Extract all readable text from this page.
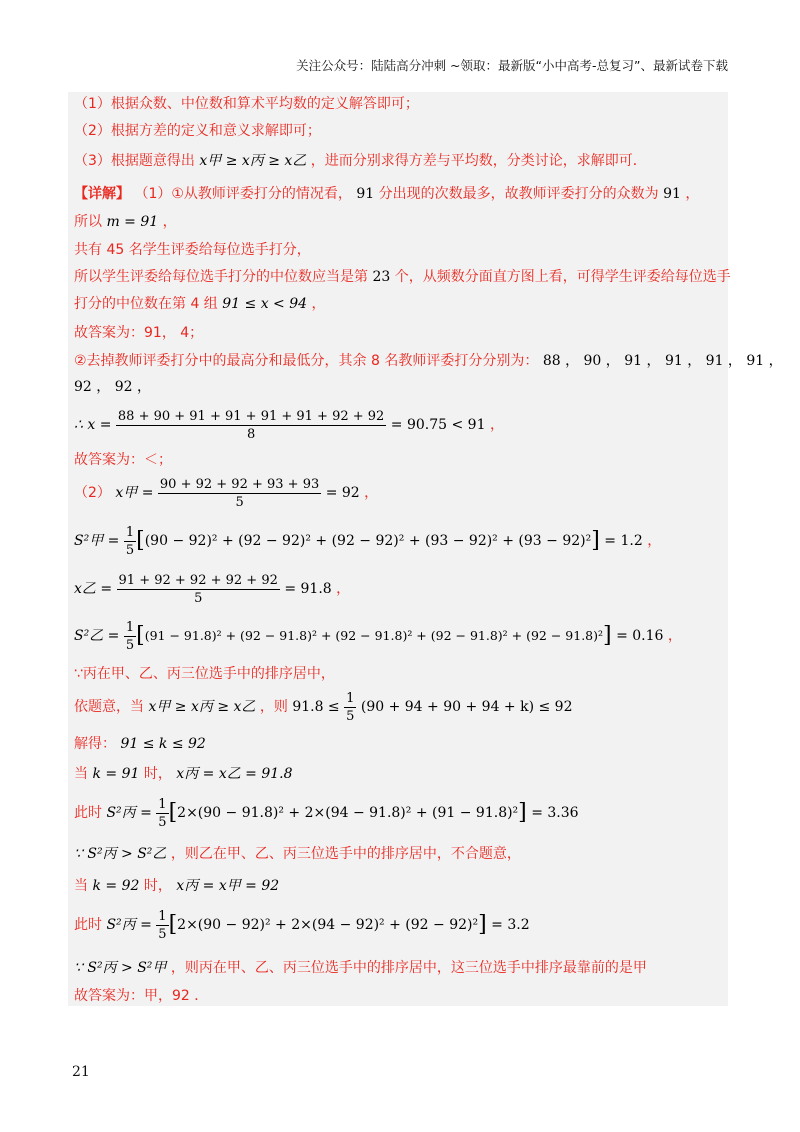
关注公众号：陆陆高分冲刺 ~领取：最新版“小中高考-总复习”、最新试卷下载
（1）根据众数、中位数和算术平均数的定义解答即可；
（2）根据方差的定义和意义求解即可；
（3）根据题意得出 x甲 ≥ x丙 ≥ x乙 ，进而分别求得方差与平均数，分类讨论，求解即可．
【详解】 （1）①从教师评委打分的情况看， 91 分出现的次数最多，故教师评委打分的众数为 91 ，
所以 m = 91 ，
共有 45 名学生评委给每位选手打分，
所以学生评委给每位选手打分的中位数应当是第 23 个，从频数分面直方图上看，可得学生评委给每位选手
打分的中位数在第 4 组 91 ≤ x < 94 ，
故答案为：91， 4；
②去掉教师评委打分中的最高分和最低分，其余 8 名教师评委打分分别为： 88 ， 90 ， 91 ， 91 ， 91 ， 91 ，
92 ， 92 ，
∴ $x = \frac{88 + 90 + 91 + 91 + 91 + 91 + 92 + 92}{8} = 90.75 < 91$ ，
故答案为：＜；
（2） x甲 = $\frac{90 + 92 + 92 + 93 + 93}{5} = 92$ ，
S²甲 = $\frac{1}{5} [(90 - 92)^2 + (92 - 92)^2 + (92 - 92)^2 + (93 - 92)^2 + (93 - 92)^2] = 1.2$ ，
x乙 = $\frac{91 + 92 + 92 + 92 + 92}{5} = 91.8$ ，
S²乙 = $\frac{1}{5} [(91 - 91.8)^2 + (92 - 91.8)^2 + (92 - 91.8)^2 + (92 - 91.8)^2 + (92 - 91.8)^2] = 0.16$ ，
∵丙在甲、乙、丙三位选手中的排序居中，
依题意，当 x甲 ≥ x丙 ≥ x乙 ，则 $91.8 \le \frac{1}{5} (90 + 94 + 90 + 94 + k) \le 92$
解得： 91 ≤ k ≤ 92
当 k = 91 时， x丙 = x乙 = 91.8
此时 S²丙 = $\frac{1}{5} [2\times(90 - 91.8)^2 + 2\times(94 - 91.8)^2 + (91 - 91.8)^2] = 3.36$
∵ S²丙 > S²乙 ，则乙在甲、乙、丙三位选手中的排序居中，不合题意，
当 k = 92 时， x丙 = x甲 = 92
此时 S²丙 = $\frac{1}{5} [2\times(90 - 92)^2 + 2\times(94 - 92)^2 + (92 - 92)^2] = 3.2$
∵ S²丙 > S²甲 ，则丙在甲、乙、丙三位选手中的排序居中，这三位选手中排序最靠前的是甲
故答案为：甲，92 ．
21
